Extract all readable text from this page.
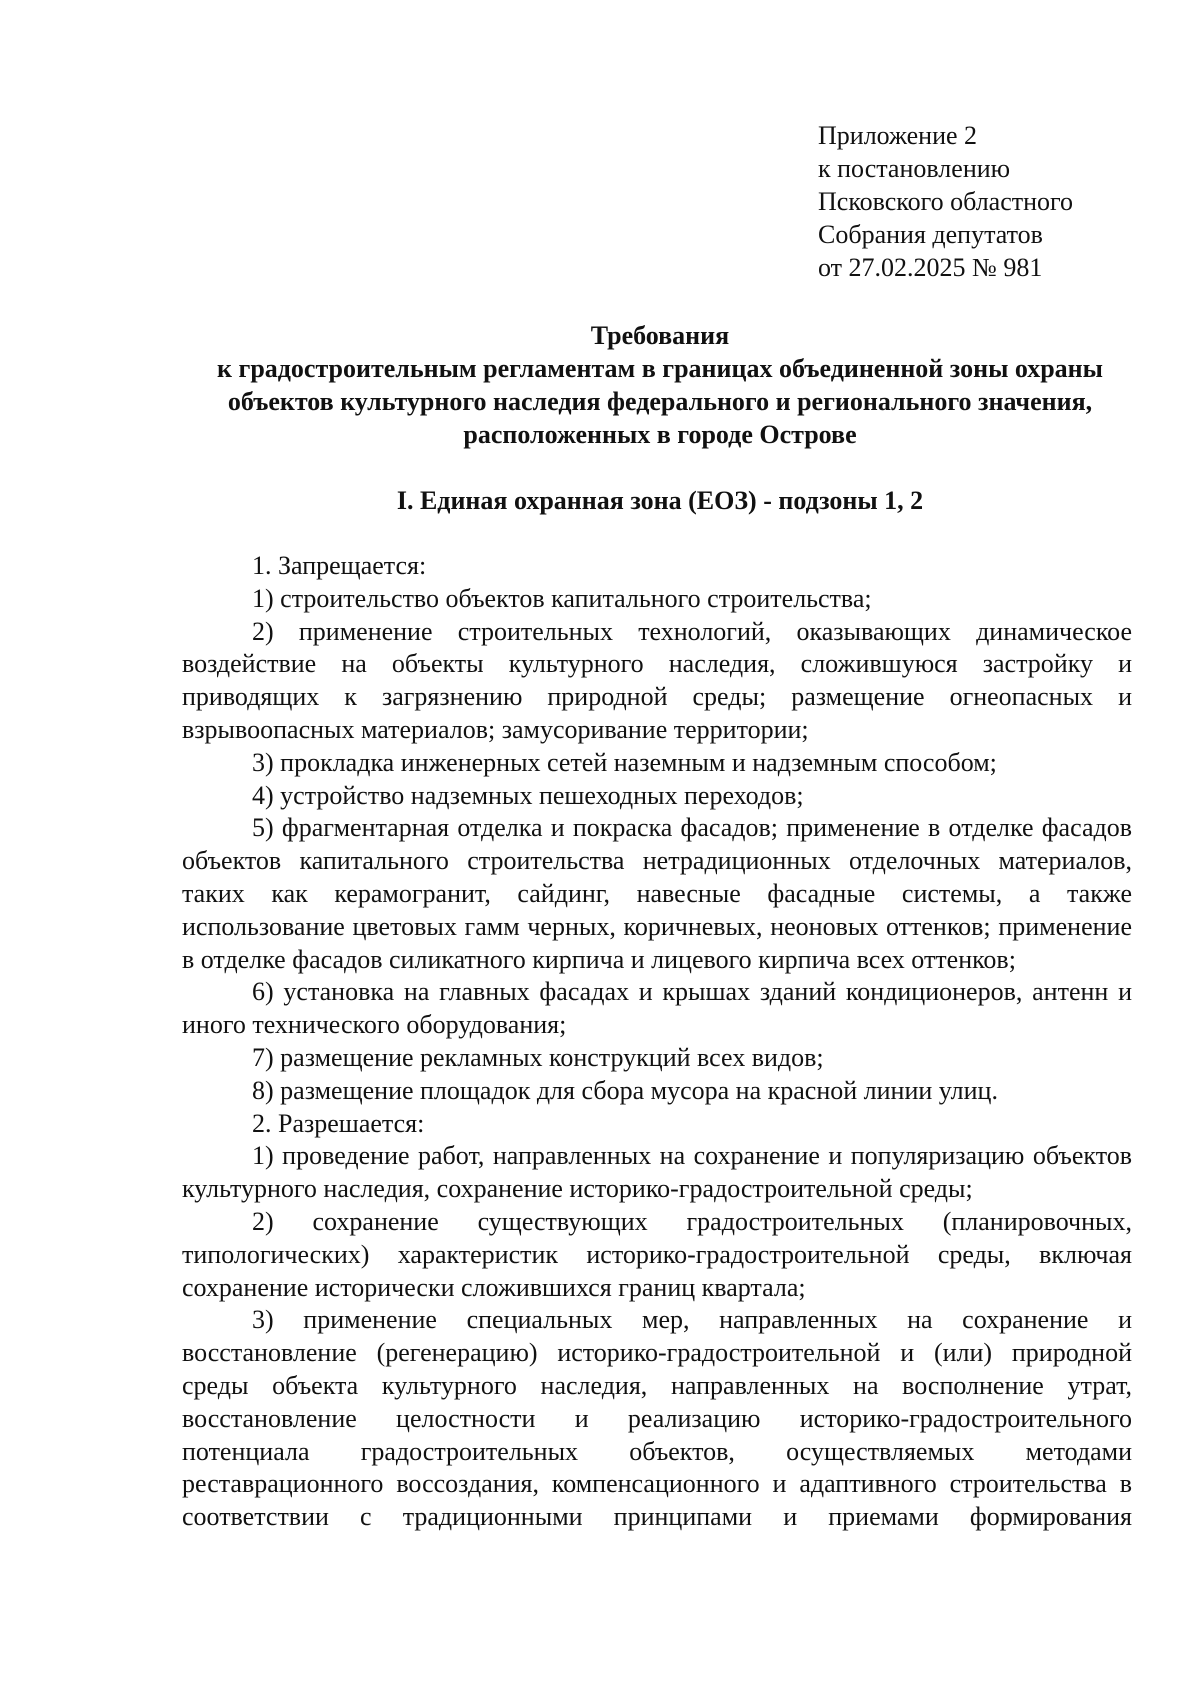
Приложение 2
к постановлению
Псковского областного
Собрания депутатов
от 27.02.2025 № 981
Требования
к градостроительным регламентам в границах объединенной зоны охраны
объектов культурного наследия федерального и регионального значения,
расположенных в городе Острове
I. Единая охранная зона (ЕОЗ) - подзоны 1, 2

1. Запрещается:

1) строительство объектов капитального строительства;

2) применение строительных технологий, оказывающих динамическое воздействие на объекты культурного наследия, сложившуюся застройку и приводящих к загрязнению природной среды; размещение огнеопасных и взрывоопасных материалов; замусоривание территории;

3) прокладка инженерных сетей наземным и надземным способом;

4) устройство надземных пешеходных переходов;

5) фрагментарная отделка и покраска фасадов; применение в отделке фасадов объектов капитального строительства нетрадиционных отделочных материалов, таких как керамогранит, сайдинг, навесные фасадные системы, а также использование цветовых гамм черных, коричневых, неоновых оттенков; применение в отделке фасадов силикатного кирпича и лицевого кирпича всех оттенков;

6) установка на главных фасадах и крышах зданий кондиционеров, антенн и иного технического оборудования;

7) размещение рекламных конструкций всех видов;

8) размещение площадок для сбора мусора на красной линии улиц.

2. Разрешается:

1) проведение работ, направленных на сохранение и популяризацию объектов культурного наследия, сохранение историко-градостроительной среды;

2) сохранение существующих градостроительных (планировочных, типологических) характеристик историко-градостроительной среды, включая сохранение исторически сложившихся границ квартала;

3) применение специальных мер, направленных на сохранение и восстановление (регенерацию) историко-градостроительной и (или) природной среды объекта культурного наследия, направленных на восполнение утрат, восстановление целостности и реализацию историко-градостроительного потенциала градостроительных объектов, осуществляемых методами реставрационного воссоздания, компенсационного и адаптивного строительства в соответствии с традиционными принципами и приемами формирования
